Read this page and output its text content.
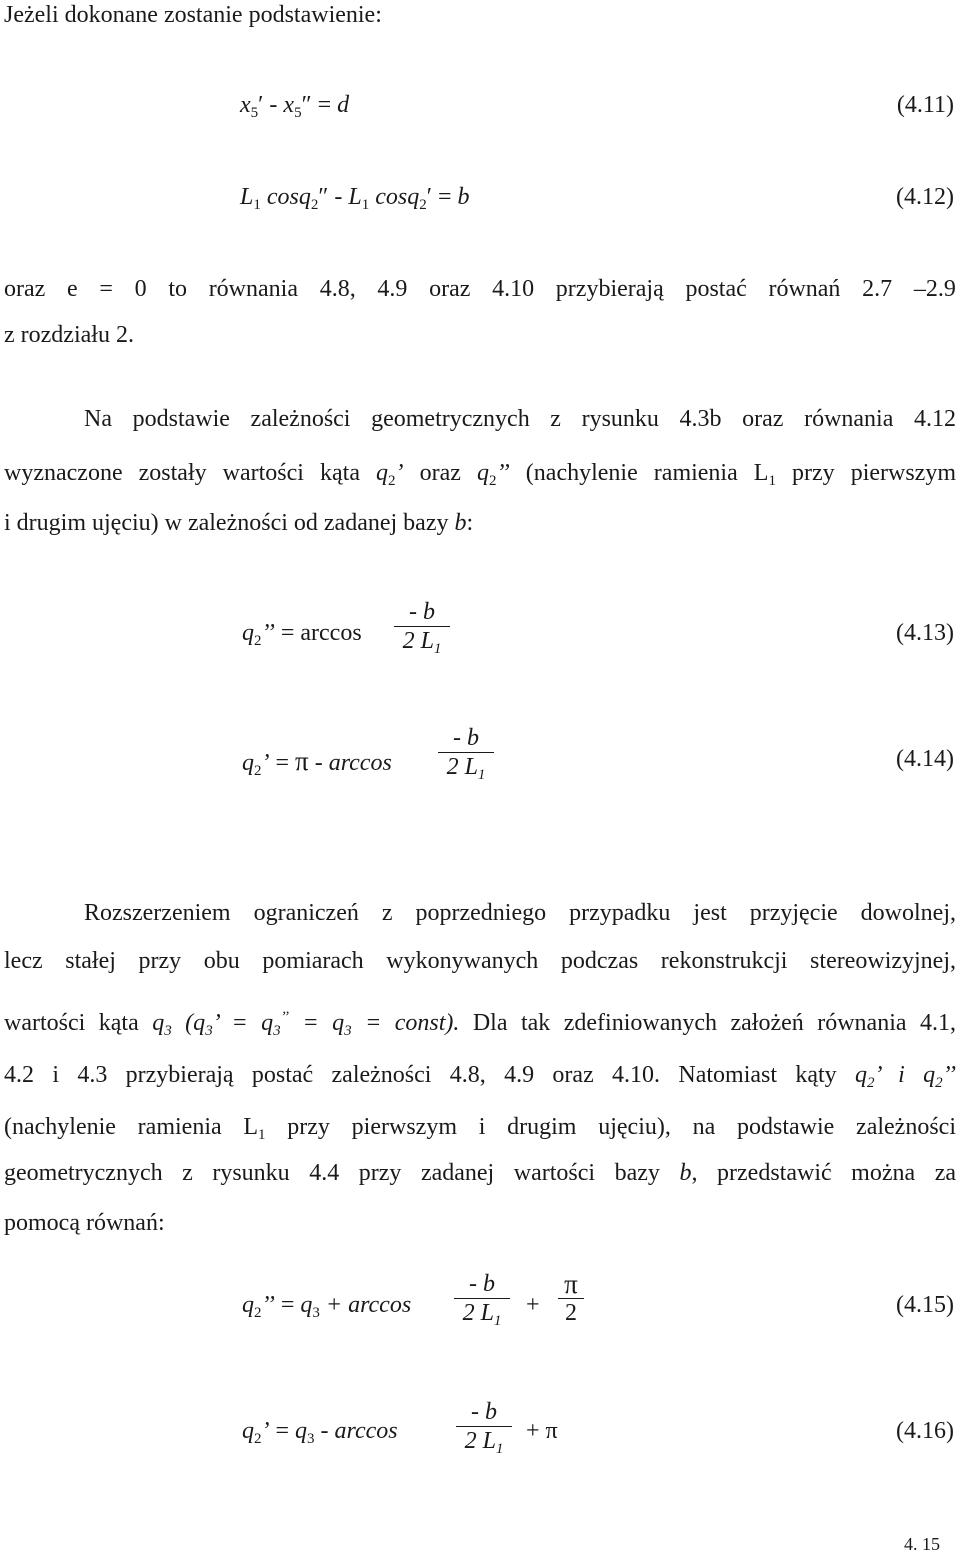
Jeżeli dokonane zostanie podstawienie:
$x_5' - x_5'' = d$	(4.11)
$L_1$ $\cos q_2'' - L_1$ cosq$_2$′ = b	(4.12)
oraz e = 0 to równania 4.8, 4.9 oraz 4.10 przybierają postać równań 2.7 –2.9
z rozdziału 2.
Na podstawie zależności geometrycznych z rysunku 4.3b oraz równania 4.12
wyznaczone zostały wartości kąta $q_2$’ oraz $q_2$’’ (nachylenie ramienia $L_1$ przy pierwszym
i drugim ujęciu) w zależności od zadanej bazy b:
$q_2$’’ = arccos
- b
2 $L_1$
(4.13)
$q_2$’ = π - arccos
- b
2 $L_1$
(4.14)
Rozszerzeniem ograniczeń z poprzedniego przypadku jest przyjęcie dowolnej,
lecz stałej przy obu pomiarach wykonywanych podczas rekonstrukcji stereowizyjnej,
wartości kąta $q_3$ ($q_3$’ = $q_3^{’’} = q_3$ = const). Dla tak zdefiniowanych założeń równania 4.1,
4.2 i 4.3 przybierają postać zależności 4.8, 4.9 oraz 4.10. Natomiast kąty $q_2$’ i $q_2$’’
(nachylenie ramienia $L_1$ przy pierwszym i drugim ujęciu), na podstawie zależności
geometrycznych z rysunku 4.4 przy zadanej wartości bazy b, przedstawić można za
pomocą równań:
$q_2$’’ = $q_3 + \arccos$
- b
2 $L_1$
+
π
2	(4.15)
$q_2$’ = $q_3$ - arccos
- b
2 $L_1$
+ π	(4.16)
4. 15
